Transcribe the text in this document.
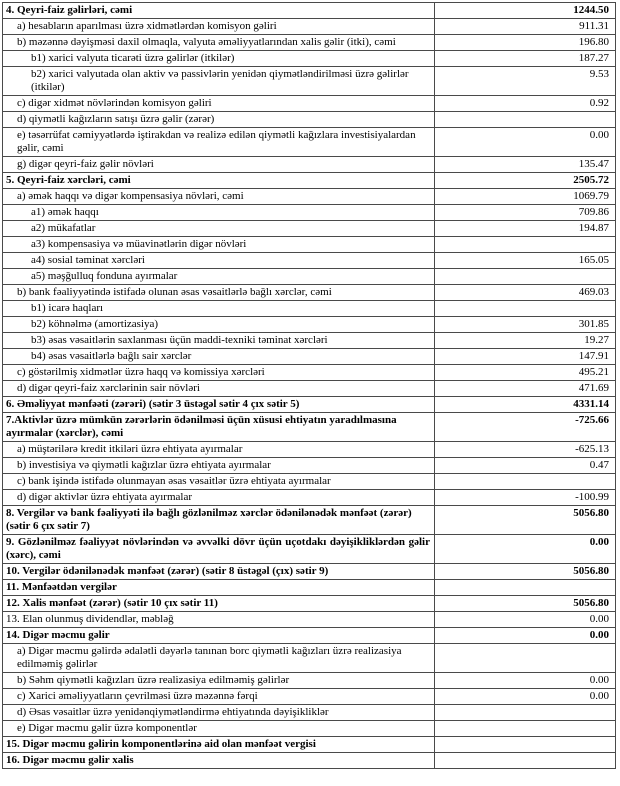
4. Qeyri-faiz gəlirləri, cəmi	1244.50
a) hesabların aparılması üzrə xidmətlərdən komisyon gəliri	911.31
b) məzənnə dəyişməsi daxil olmaqla, valyuta əməliyyatlarından xalis gəlir (itki), cəmi	196.80
b1) xarici valyuta ticarəti üzrə gəlirlər (itkilər)	187.27
b2) xarici valyutada olan aktiv və passivlərin yenidən qiymətləndirilməsi üzrə gəlirlər (itkilər)	9.53
c) digər xidmət növlərindən komisyon gəliri	0.92
d) qiymətli kağızların satışı üzrə gəlir (zərər)	
e) təsərrüfat cəmiyyətlərdə iştirakdan və realizə edilən qiymətli kağızlara investisiyalardan gəlir, cəmi	0.00
g) digər qeyri-faiz gəlir növləri	135.47
5. Qeyri-faiz xərcləri, cəmi	2505.72
a) əmək haqqı və digər kompensasiya növləri, cəmi	1069.79
a1) əmək haqqı	709.86
a2) mükafatlar	194.87
a3) kompensasiya və müavinətlərin digər növləri	
a4) sosial təminat xərcləri	165.05
a5) məşğulluq fonduna ayırmalar	
b) bank fəaliyyətində istifadə olunan əsas vəsaitlərlə bağlı xərclər, cəmi	469.03
b1) icarə haqları	
b2) köhnəlmə (amortizasiya)	301.85
b3) əsas vəsaitlərin saxlanması üçün maddi-texniki təminat xərcləri	19.27
b4) əsas vəsaitlərlə bağlı sair xərclər	147.91
c) göstərilmiş xidmətlər üzrə haqq və komissiya xərcləri	495.21
d) digər qeyri-faiz xərclərinin sair növləri	471.69
6. Əməliyyat mənfəəti (zərəri) (sətir 3 üstəgəl sətir 4 çıx sətir 5)	4331.14
7.Aktivlər üzrə mümkün zərərlərin ödənilməsi üçün xüsusi ehtiyatın yaradılmasına ayırmalar (xərclər), cəmi	-725.66
a) müştərilərə kredit itkiləri üzrə ehtiyata ayırmalar	-625.13
b) investisiya və qiymətli kağızlar üzrə ehtiyata ayırmalar	0.47
c) bank işində istifadə olunmayan əsas vəsaitlər üzrə ehtiyata ayırmalar	
d) digər aktivlər üzrə ehtiyata ayırmalar	-100.99
8. Vergilər və bank fəaliyyəti ilə bağlı gözlənilməz xərclər ödənilənədək mənfəət (zərər) (sətir 6 çıx sətir 7)	5056.80
9. Gözlənilməz fəaliyyət növlərindən və əvvəlki dövr üçün uçotdakı dəyişikliklərdən gəlir (xərc), cəmi	0.00
10. Vergilər ödənilənədək mənfəət (zərər) (sətir 8 üstəgəl (çıx) sətir 9)	5056.80
11. Mənfəətdən vergilər	
12. Xalis mənfəət (zərər) (sətir 10 çıx sətir 11)	5056.80
13. Elan olunmuş dividendlər, məbləğ	0.00
14. Digər məcmu gəlir	0.00
a) Digər məcmu gəlirdə ədalətli dəyərlə tanınan borc qiymətli kağızları üzrə realizasiya edilməmiş gəlirlər	
b) Səhm qiymətli kağızları üzrə realizasiya edilməmiş gəlirlər	0.00
c) Xarici əməliyyatların çevrilməsi üzrə məzənnə fərqi	0.00
d) Əsas vəsaitlər üzrə yenidənqiymətləndirmə ehtiyatında dəyişikliklər	
e) Digər məcmu gəlir üzrə komponentlər	
15. Digər məcmu gəlirin komponentlərinə aid olan mənfəət vergisi	
16. Digər məcmu gəlir xalis	
